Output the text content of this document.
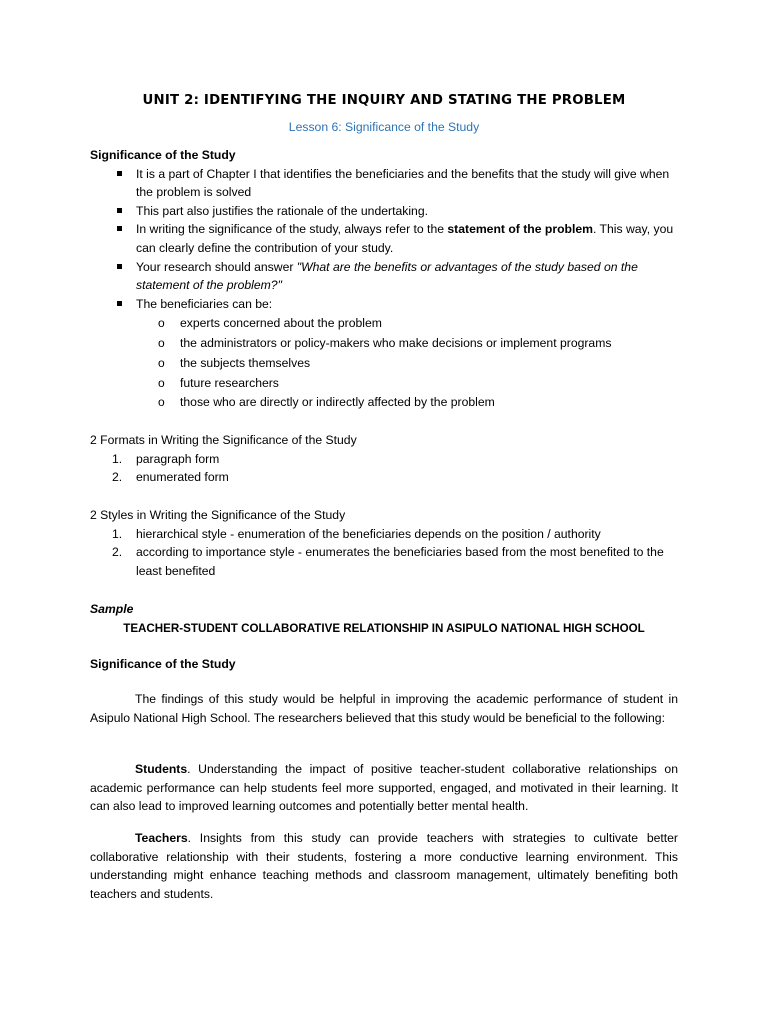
UNIT 2: IDENTIFYING THE INQUIRY AND STATING THE PROBLEM
Lesson 6: Significance of the Study
Significance of the Study
It is a part of Chapter I that identifies the beneficiaries and the benefits that the study will give when the problem is solved
This part also justifies the rationale of the undertaking.
In writing the significance of the study, always refer to the statement of the problem. This way, you can clearly define the contribution of your study.
Your research should answer "What are the benefits or advantages of the study based on the statement of the problem?"
The beneficiaries can be:
o experts concerned about the problem
o the administrators or policy-makers who make decisions or implement programs
o the subjects themselves
o future researchers
o those who are directly or indirectly affected by the problem
2 Formats in Writing the Significance of the Study
1. paragraph form
2. enumerated form
2 Styles in Writing the Significance of the Study
1. hierarchical style - enumeration of the beneficiaries depends on the position / authority
2. according to importance style - enumerates the beneficiaries based from the most benefited to the least benefited
Sample
TEACHER-STUDENT COLLABORATIVE RELATIONSHIP IN ASIPULO NATIONAL HIGH SCHOOL
Significance of the Study
The findings of this study would be helpful in improving the academic performance of student in Asipulo National High School. The researchers believed that this study would be beneficial to the following:
Students. Understanding the impact of positive teacher-student collaborative relationships on academic performance can help students feel more supported, engaged, and motivated in their learning. It can also lead to improved learning outcomes and potentially better mental health.
Teachers. Insights from this study can provide teachers with strategies to cultivate better collaborative relationship with their students, fostering a more conductive learning environment. This understanding might enhance teaching methods and classroom management, ultimately benefiting both teachers and students.
